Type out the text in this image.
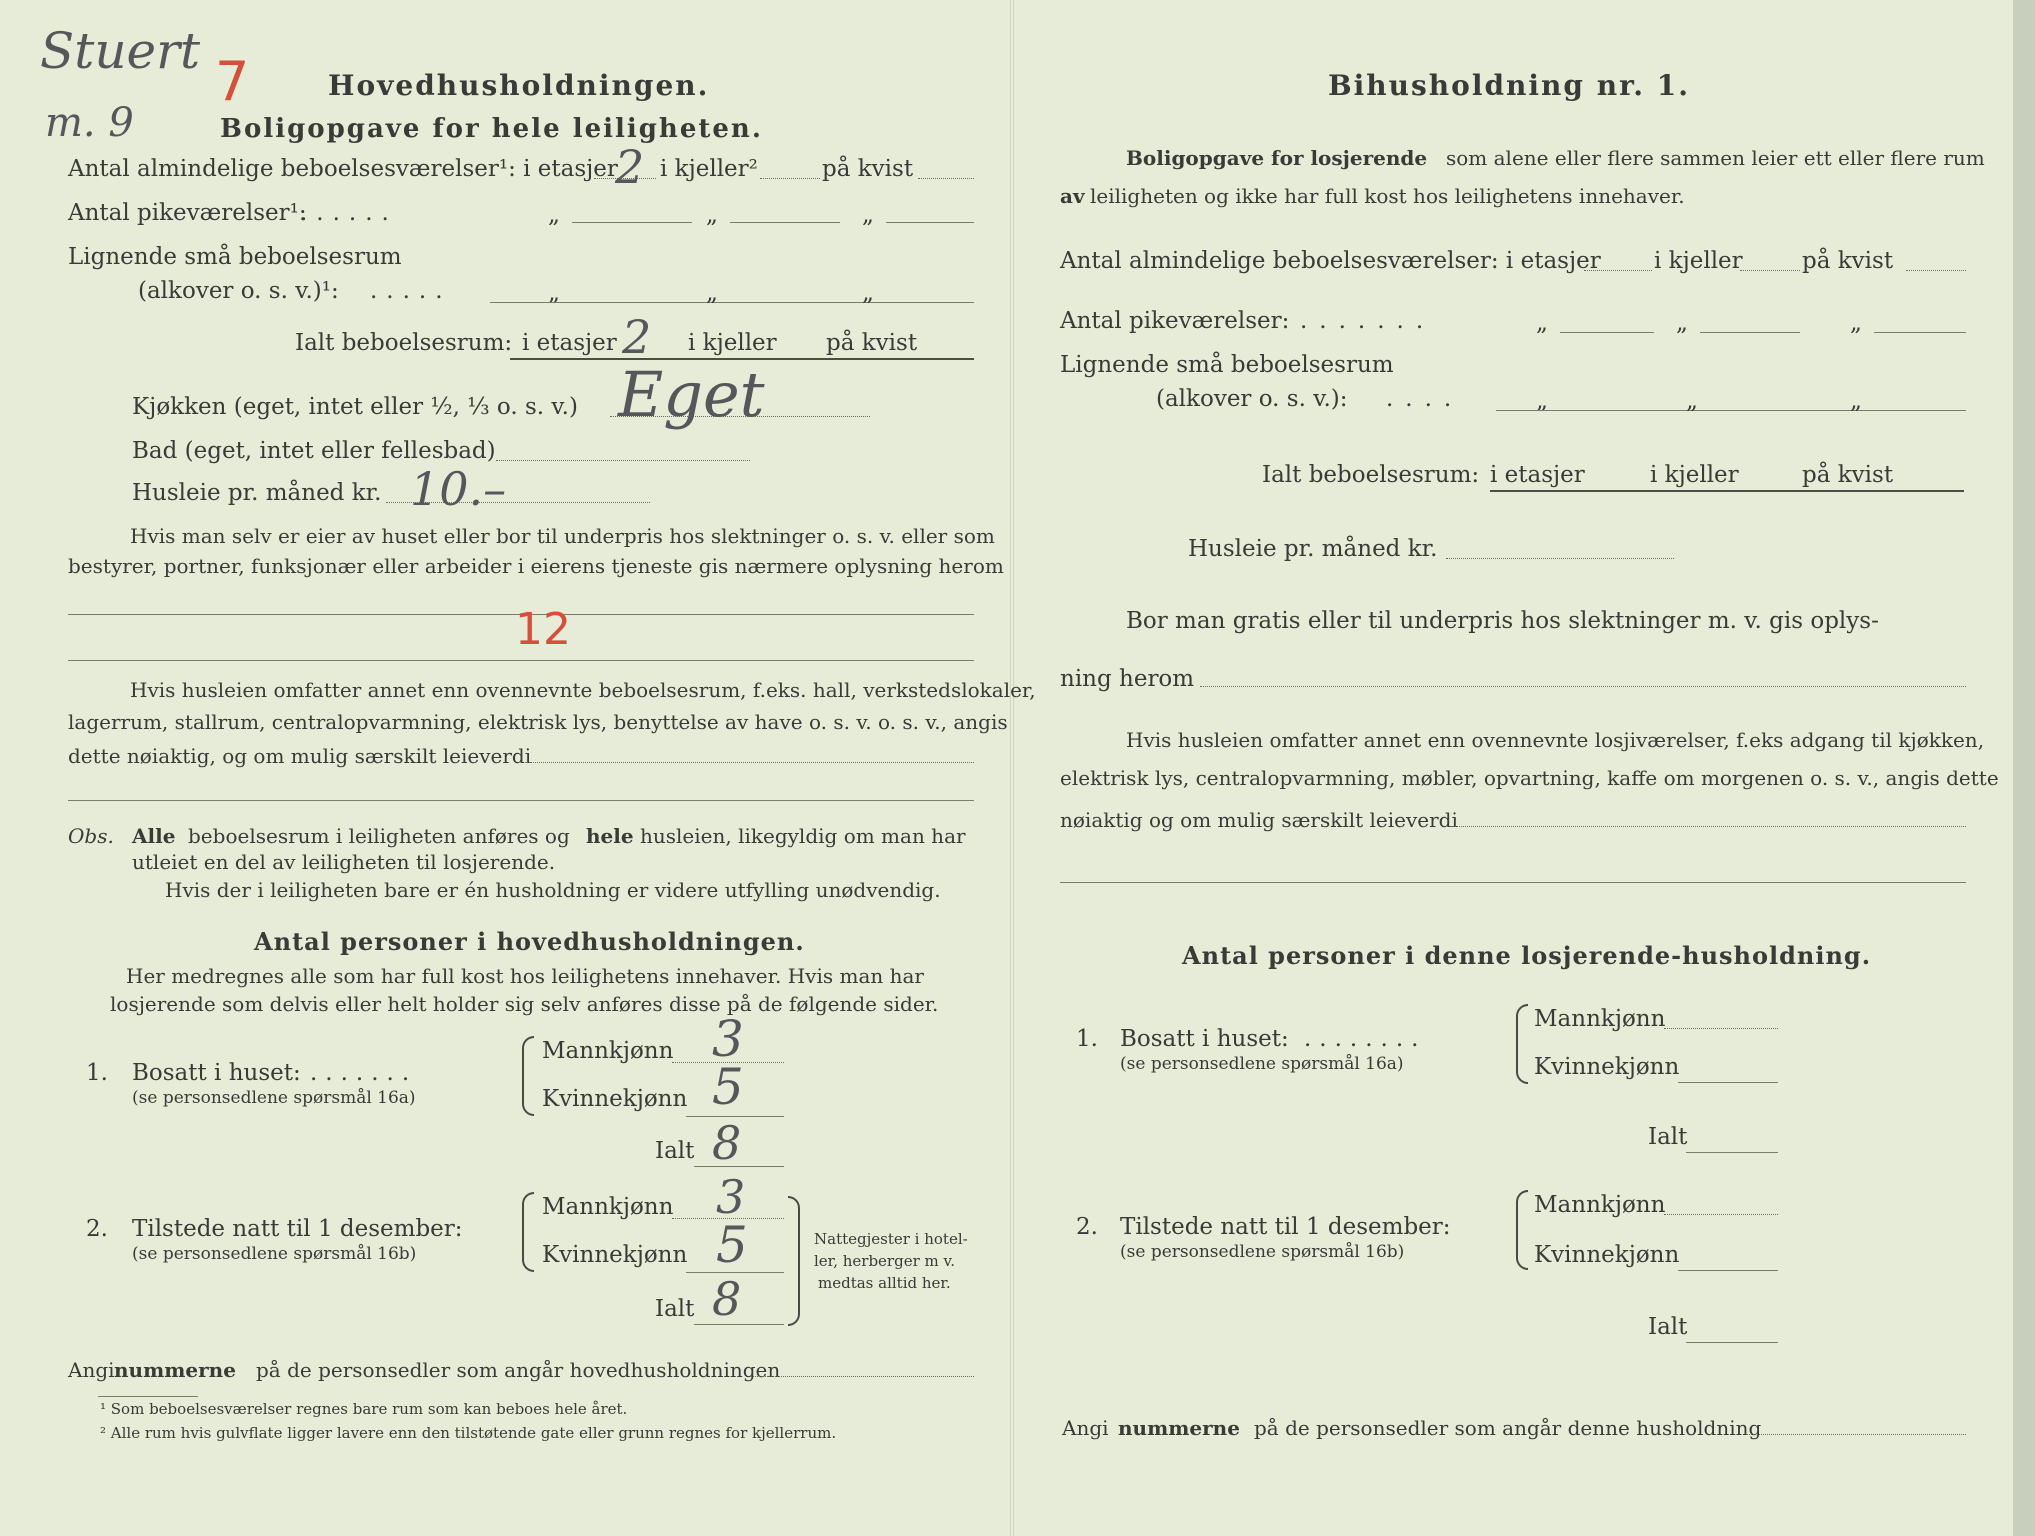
Stuert 7
m. 9
Hovedhusholdningen.
Boligopgave for hele leiligheten.
Antal almindelige beboelsesværelser¹: i etasjer
2 i kjeller²	på kvist
Antal pikeværelser¹:
......	„	„	„
Lignende små beboelsesrum
(alkover o. s. v.)¹: .....	„	„	„
Ialt beboelsesrum: i etasjer 2 i kjeller på kvist
Kjøkken (eget, intet eller ½, ⅓ o. s. v.) Eget
Bad (eget, intet eller fellesbad)
Husleie pr. måned kr. 10.–
Hvis man selv er eier av huset eller bor til underpris hos slektninger o. s. v. eller som
bestyrer, portner, funksjonær eller arbeider i eierens tjeneste gis nærmere oplysning herom
12
Hvis husleien omfatter annet enn ovennevnte beboelsesrum, f.eks. hall, verkstedslokaler,
lagerrum, stallrum, centralopvarmning, elektrisk lys, benyttelse av have o. s. v. o. s. v., angis
dette nøiaktig, og om mulig særskilt leieverdi
Obs. Alle beboelsesrum i leiligheten anføres og hele husleien, likegyldig om man har
utleiet en del av leiligheten til losjerende.
Hvis der i leiligheten bare er én husholdning er videre utfylling unødvendig.
Antal personer i hovedhusholdningen.
Her medregnes alle som har full kost hos leilighetens innehaver. Hvis man har
losjerende som delvis eller helt holder sig selv anføres disse på de følgende sider.
1. Bosatt i huset: .......
(se personsedlene spørsmål 16a)
Mannkjønn 3
Kvinnekjønn 5
Ialt 8
2. Tilstede natt til 1 desember:
(se personsedlene spørsmål 16b)
Mannkjønn 3
Kvinnekjønn 5
Ialt 8
Nattegjester i hotel-
ler, herberger m v.
medtas alltid her.
Angi nummerne på de personsedler som angår hovedhusholdningen
¹ Som beboelsesværelser regnes bare rum som kan beboes hele året.
² Alle rum hvis gulvflate ligger lavere enn den tilstøtende gate eller grunn regnes for kjellerrum.
Bihusholdning nr. 1.
Boligopgave for losjerende som alene eller flere sammen leier ett eller flere rum
av leiligheten og ikke har full kost hos leilighetens innehaver.
Antal almindelige beboelsesværelser: i etasjer i kjeller	på kvist
Antal pikeværelser: .......	„	„	„
Lignende små beboelsesrum
(alkover o. s. v.): ....	„	„	„
Ialt beboelsesrum: i etasjer	i kjeller	på kvist
Husleie pr. måned kr.
Bor man gratis eller til underpris hos slektninger m. v. gis oplys-
ning herom
Hvis husleien omfatter annet enn ovennevnte losjiværelser, f.eks adgang til kjøkken,
elektrisk lys, centralopvarmning, møbler, opvartning, kaffe om morgenen o. s. v., angis dette
nøiaktig og om mulig særskilt leieverdi
Antal personer i denne losjerende-husholdning.
1. Bosatt i huset: ........
(se personsedlene spørsmål 16a)
Mannkjønn
Kvinnekjønn
Ialt
2. Tilstede natt til 1 desember:
(se personsedlene spørsmål 16b)
Mannkjønn
Kvinnekjønn
Ialt
Angi nummerne på de personsedler som angår denne husholdning
